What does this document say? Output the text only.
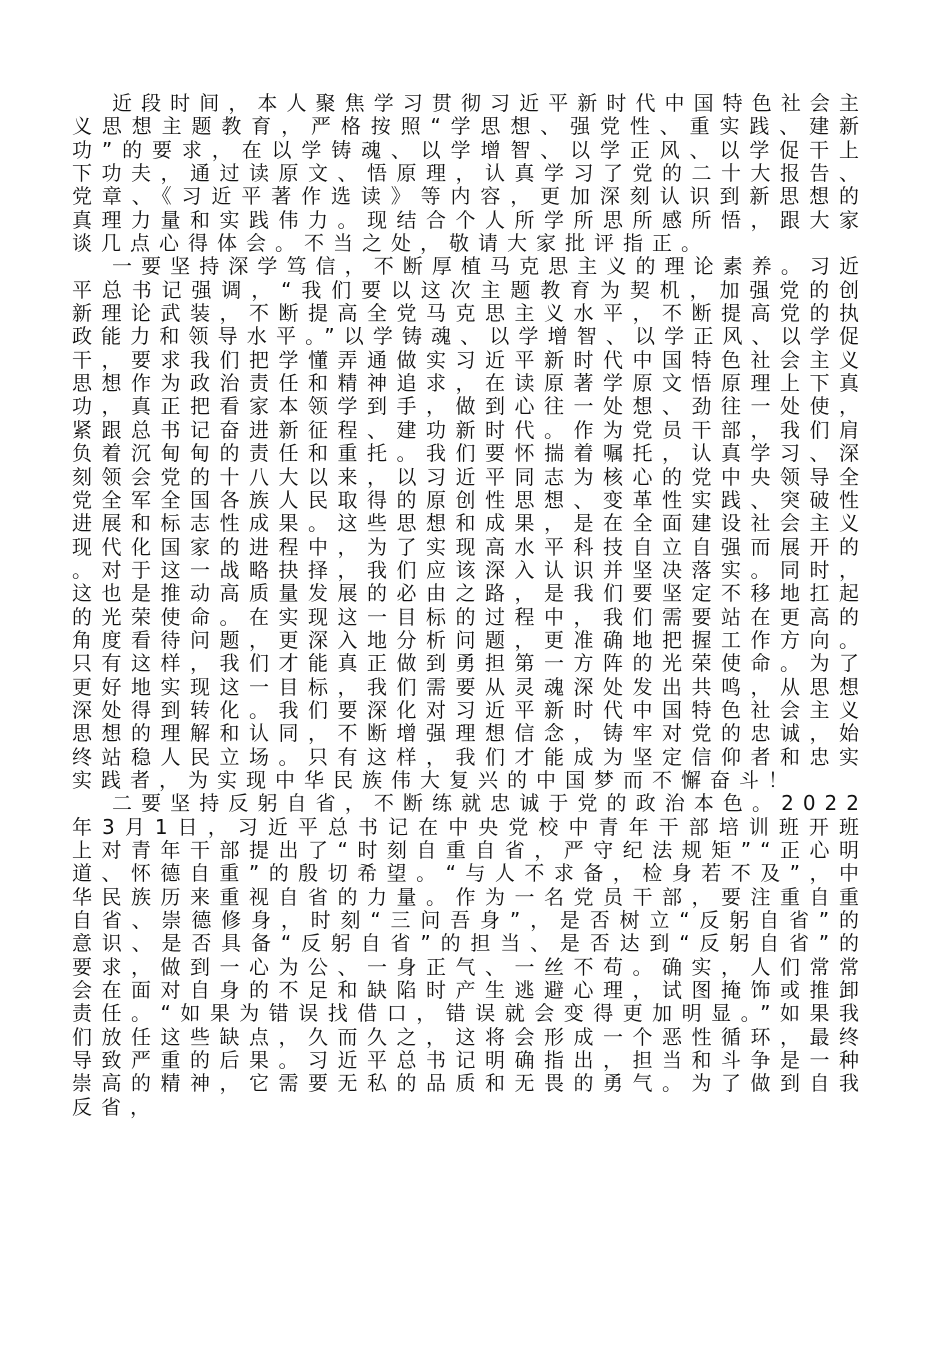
近段时间，本人聚焦学习贯彻习近平新时代中国特色社会主义思想主题教育，严格按照“学思想、强党性、重实践、建新功”的要求，在以学铸魂、以学增智、以学正风、以学促干上下功夫，通过读原文、悟原理，认真学习了党的二十大报告、党章、《习近平著作选读》等内容，更加深刻认识到新思想的真理力量和实践伟力。现结合个人所学所思所感所悟，跟大家谈几点心得体会。不当之处，敬请大家批评指正。

一要坚持深学笃信，不断厚植马克思主义的理论素养。习近平总书记强调，“我们要以这次主题教育为契机，加强党的创新理论武装，不断提高全党马克思主义水平，不断提高党的执政能力和领导水平。”以学铸魂、以学增智、以学正风、以学促干，要求我们把学懂弄通做实习近平新时代中国特色社会主义思想作为政治责任和精神追求，在读原著学原文悟原理上下真功，真正把看家本领学到手，做到心往一处想、劲往一处使，紧跟总书记奋进新征程、建功新时代。作为党员干部，我们肩负着沉甸甸的责任和重托。我们要怀揣着嘱托，认真学习、深刻领会党的十八大以来，以习近平同志为核心的党中央领导全党全军全国各族人民取得的原创性思想、变革性实践、突破性进展和标志性成果。这些思想和成果，是在全面建设社会主义现代化国家的进程中，为了实现高水平科技自立自强而展开的。对于这一战略抉择，我们应该深入认识并坚决落实。同时，这也是推动高质量发展的必由之路，是我们要坚定不移地扛起的光荣使命。在实现这一目标的过程中，我们需要站在更高的角度看待问题，更深入地分析问题，更准确地把握工作方向。只有这样，我们才能真正做到勇担第一方阵的光荣使命。为了更好地实现这一目标，我们需要从灵魂深处发出共鸣，从思想深处得到转化。我们要深化对习近平新时代中国特色社会主义思想的理解和认同，不断增强理想信念，铸牢对党的忠诚，始终站稳人民立场。只有这样，我们才能成为坚定信仰者和忠实实践者，为实现中华民族伟大复兴的中国梦而不懈奋斗！

二要坚持反躬自省，不断练就忠诚于党的政治本色。2022年3月1日，习近平总书记在中央党校中青年干部培训班开班上对青年干部提出了“时刻自重自省，严守纪法规矩”“正心明道、怀德自重”的殷切希望。“与人不求备，检身若不及”，中华民族历来重视自省的力量。作为一名党员干部，要注重自重自省、崇德修身，时刻“三问吾身”，是否树立“反躬自省”的意识、是否具备“反躬自省”的担当、是否达到“反躬自省”的要求，做到一心为公、一身正气、一丝不苟。确实，人们常常会在面对自身的不足和缺陷时产生逃避心理，试图掩饰或推卸责任。“如果为错误找借口，错误就会变得更加明显。”如果我们放任这些缺点，久而久之，这将会形成一个恶性循环，最终导致严重的后果。习近平总书记明确指出，担当和斗争是一种崇高的精神，它需要无私的品质和无畏的勇气。为了做到自我反省，
